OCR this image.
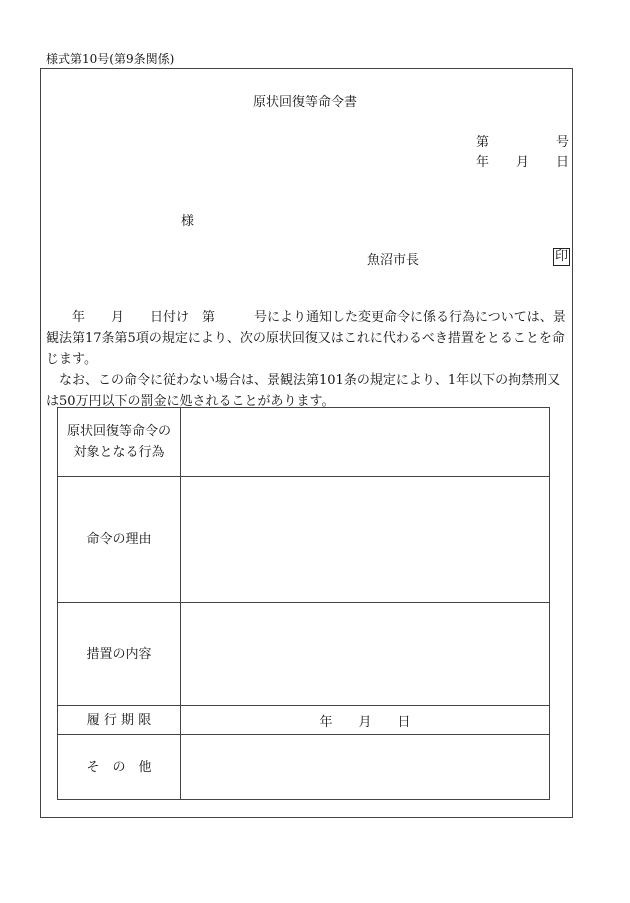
様式第10号(第9条関係)
原状回復等命令書
第	号
年 月 日
様
魚沼市長	印
　　年　　月　　日付け　第　　　号により通知した変更命令に係る行為については、景観法第17条第5項の規定により、次の原状回復又はこれに代わるべき措置をとることを命じます。
　なお、この命令に従わない場合は、景観法第101条の規定により、1年以下の拘禁刑又は50万円以下の罰金に処されることがあります。
原状回復等命令の対象となる行為	
命令の理由	
措置の内容	
履 行 期 限	年　　月　　日
そ　の　他	
